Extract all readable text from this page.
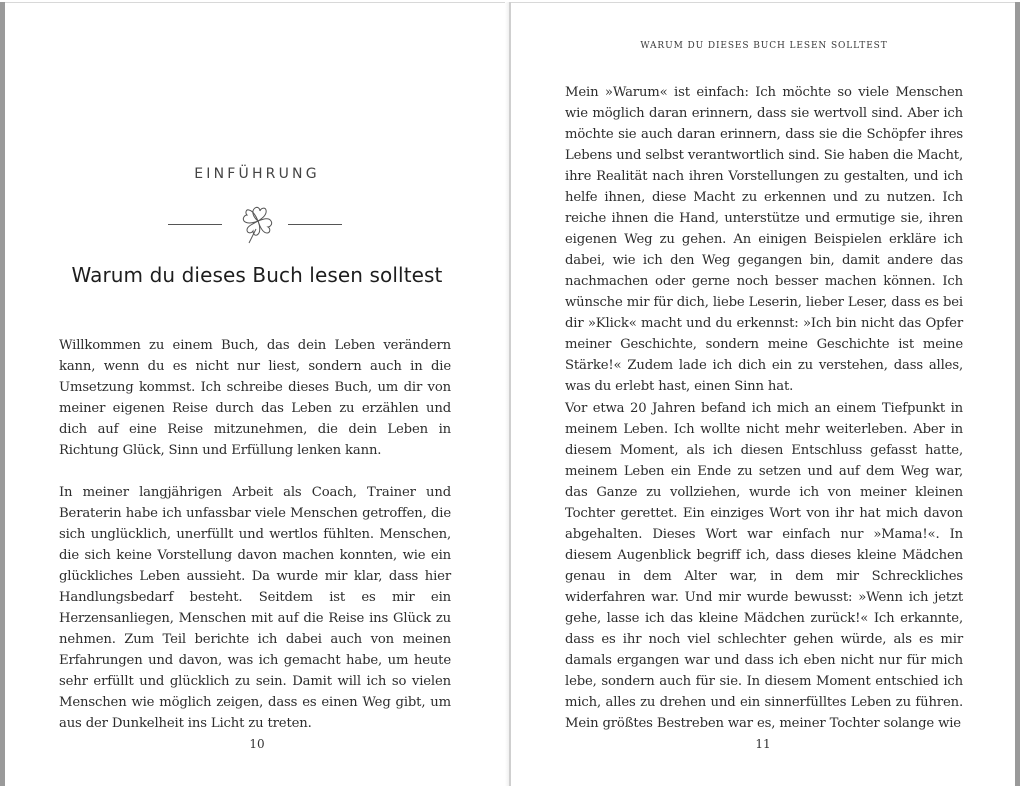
EINFÜHRUNG
Warum du dieses Buch lesen solltest

Willkommen zu einem Buch, das dein Leben verändern kann, wenn du es nicht nur liest, sondern auch in die Umsetzung kommst. Ich schreibe dieses Buch, um dir von meiner eigenen Reise durch das Leben zu erzählen und dich auf eine Reise mitzunehmen, die dein Leben in Richtung Glück, Sinn und Erfüllung lenken kann.

In meiner langjährigen Arbeit als Coach, Trainer und Beraterin habe ich unfassbar viele Menschen getroffen, die sich unglücklich, unerfüllt und wertlos fühlten. Menschen, die sich keine Vorstellung davon machen konnten, wie ein glückliches Leben aussieht. Da wurde mir klar, dass hier Handlungsbedarf besteht. Seitdem ist es mir ein Herzensanliegen, Menschen mit auf die Reise ins Glück zu nehmen. Zum Teil berichte ich dabei auch von meinen Erfahrungen und davon, was ich gemacht habe, um heute sehr erfüllt und glücklich zu sein. Damit will ich so vielen Menschen wie möglich zeigen, dass es einen Weg gibt, um aus der Dunkelheit ins Licht zu treten.

10
WARUM DU DIESES BUCH LESEN SOLLTEST

Mein »Warum« ist einfach: Ich möchte so viele Menschen wie möglich daran erinnern, dass sie wertvoll sind. Aber ich möchte sie auch daran erinnern, dass sie die Schöpfer ihres Lebens und selbst verantwortlich sind. Sie haben die Macht, ihre Realität nach ihren Vorstellungen zu gestalten, und ich helfe ihnen, diese Macht zu erkennen und zu nutzen. Ich reiche ihnen die Hand, unterstütze und ermutige sie, ihren eigenen Weg zu gehen. An einigen Beispielen erkläre ich dabei, wie ich den Weg gegangen bin, damit andere das nachmachen oder gerne noch besser machen können. Ich wünsche mir für dich, liebe Leserin, lieber Leser, dass es bei dir »Klick« macht und du erkennst: »Ich bin nicht das Opfer meiner Geschichte, sondern meine Geschichte ist meine Stärke!« Zudem lade ich dich ein zu verstehen, dass alles, was du erlebt hast, einen Sinn hat.

Vor etwa 20 Jahren befand ich mich an einem Tiefpunkt in meinem Leben. Ich wollte nicht mehr weiterleben. Aber in diesem Moment, als ich diesen Entschluss gefasst hatte, meinem Leben ein Ende zu setzen und auf dem Weg war, das Ganze zu vollziehen, wurde ich von meiner kleinen Tochter gerettet. Ein einziges Wort von ihr hat mich davon abgehalten. Dieses Wort war einfach nur »Mama!«. In diesem Augenblick begriff ich, dass dieses kleine Mädchen genau in dem Alter war, in dem mir Schreckliches widerfahren war. Und mir wurde bewusst: »Wenn ich jetzt gehe, lasse ich das kleine Mädchen zurück!« Ich erkannte, dass es ihr noch viel schlechter gehen würde, als es mir damals ergangen war und dass ich eben nicht nur für mich lebe, sondern auch für sie. In diesem Moment entschied ich mich, alles zu drehen und ein sinnerfülltes Leben zu führen. Mein größtes Bestreben war es, meiner Tochter solange wie

11
